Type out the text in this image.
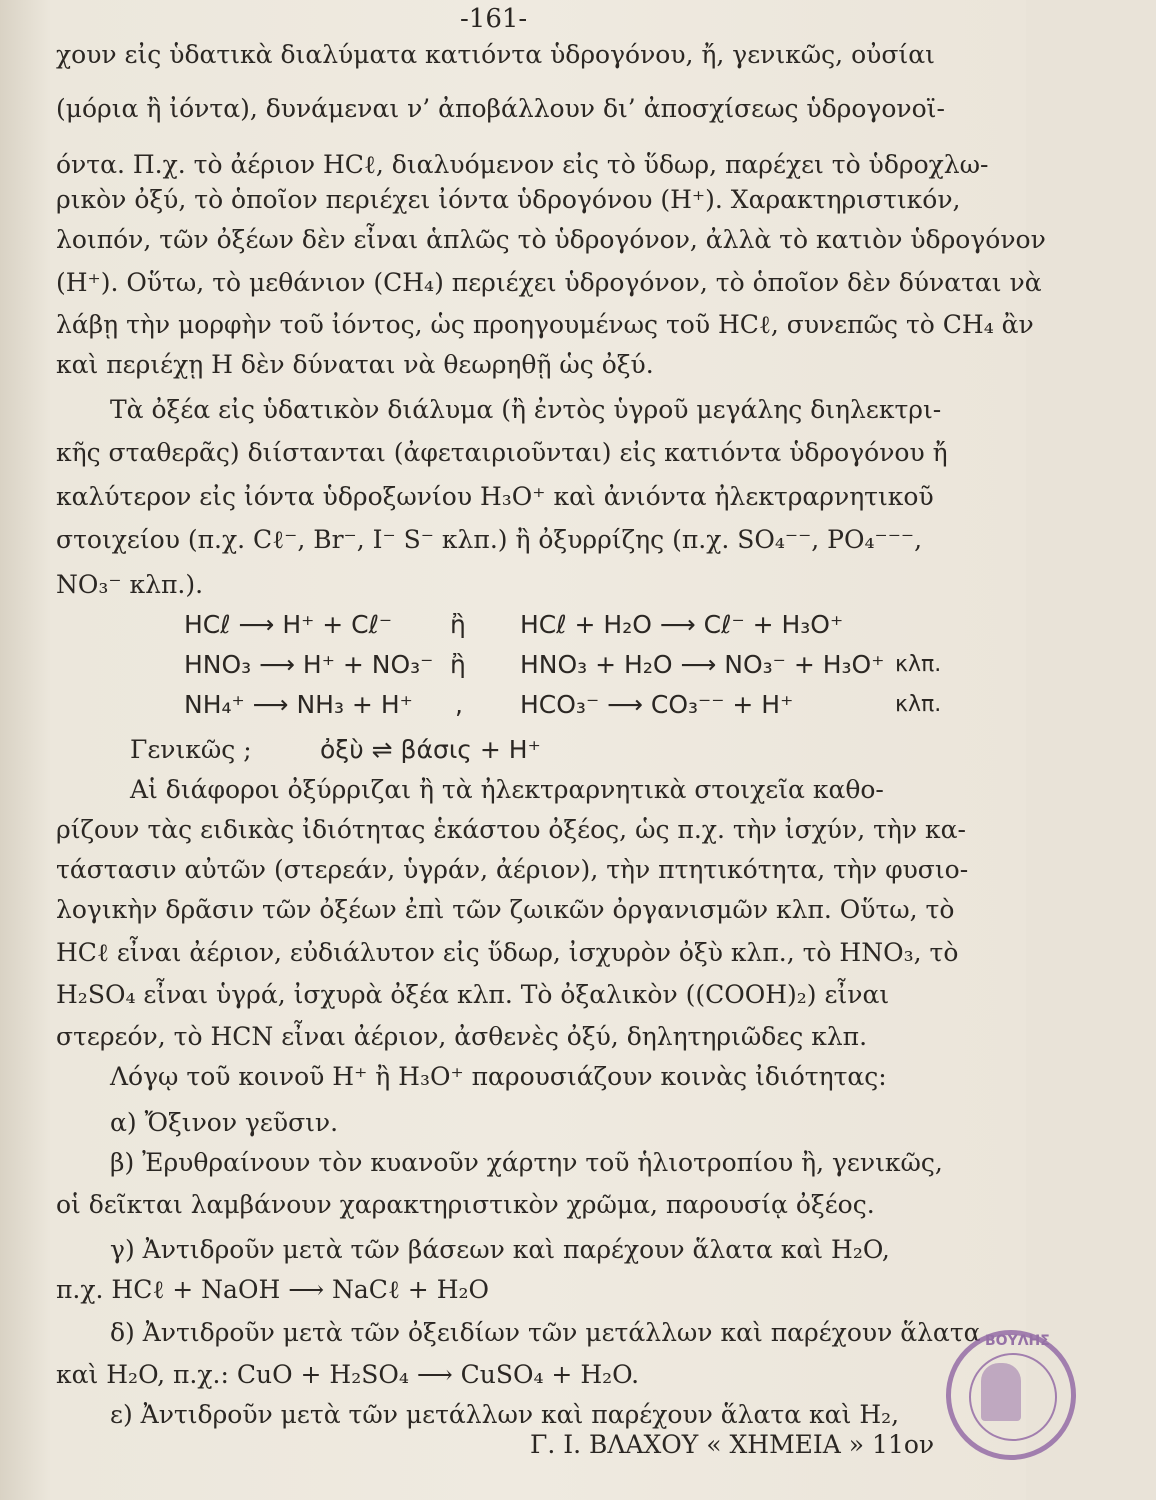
-161-
χουν εἰς ὑδατικὰ διαλύματα κατιόντα ὑδρογόνου, ἤ, γενικῶς, οὐσίαι
(μόρια ἢ ἰόντα), δυνάμεναι ν’ ἀποβάλλουν δι’ ἀποσχίσεως ὑδρογονοϊ-
όντα. Π.χ. τὸ ἀέριον HCℓ, διαλυόμενον εἰς τὸ ὕδωρ, παρέχει τὸ ὑδροχλω-
ρικὸν ὀξύ, τὸ ὁποῖον περιέχει ἰόντα ὑδρογόνου (H⁺). Χαρακτηριστικόν,
λοιπόν, τῶν ὀξέων δὲν εἶναι ἁπλῶς τὸ ὑδρογόνον, ἀλλὰ τὸ κατιὸν ὑδρογόνον
(H⁺). Οὕτω, τὸ μεθάνιον (CH₄) περιέχει ὑδρογόνον, τὸ ὁποῖον δὲν δύναται νὰ
λάβῃ τὴν μορφὴν τοῦ ἰόντος, ὡς προηγουμένως τοῦ HCℓ, συνεπῶς τὸ CH₄ ἂν
καὶ περιέχῃ Η δὲν δύναται νὰ θεωρηθῇ ὡς ὀξύ.
Τὰ ὀξέα εἰς ὑδατικὸν διάλυμα (ἢ ἐντὸς ὑγροῦ μεγάλης διηλεκτρι-
κῆς σταθερᾶς) διίστανται (ἀφεταιριοῦνται) εἰς κατιόντα ὑδρογόνου ἤ
καλύτερον εἰς ἰόντα ὑδροξωνίου H₃O⁺ καὶ ἀνιόντα ἠλεκτραρνητικοῦ
στοιχείου (π.χ. Cℓ⁻, Br⁻, I⁻ S⁻ κλπ.) ἢ ὀξυρρίζης (π.χ. SO₄⁻⁻, PO₄⁻⁻⁻,
NO₃⁻ κλπ.).
HCℓ ⟶ H⁺ + Cℓ⁻ ἢ HCℓ + H₂O ⟶ Cℓ⁻ + H₃O⁺
HNO₃ ⟶ H⁺ + NO₃⁻ ἢ HNO₃ + H₂O ⟶ NO₃⁻ + H₃O⁺ κλπ.
NH₄⁺ ⟶ NH₃ + H⁺ , HCO₃⁻ ⟶ CO₃⁻⁻ + H⁺	κλπ.
Γενικῶς ;	ὀξὺ ⇌ βάσις + H⁺
Αἱ διάφοροι ὀξύρριζαι ἢ τὰ ἠλεκτραρνητικὰ στοιχεῖα καθο-
ρίζουν τὰς ειδικὰς ἰδιότητας ἑκάστου ὀξέος, ὡς π.χ. τὴν ἰσχύν, τὴν κα-
τάστασιν αὐτῶν (στερεάν, ὑγράν, ἀέριον), τὴν πτητικότητα, τὴν φυσιο-
λογικὴν δρᾶσιν τῶν ὀξέων ἐπὶ τῶν ζωικῶν ὀργανισμῶν κλπ. Οὕτω, τὸ
HCℓ εἶναι ἀέριον, εὐδιάλυτον εἰς ὕδωρ, ἰσχυρὸν ὀξὺ κλπ., τὸ HNO₃, τὸ
H₂SO₄ εἶναι ὑγρά, ἰσχυρὰ ὀξέα κλπ. Τὸ ὀξαλικὸν ((COOH)₂) εἶναι
στερεόν, τὸ HCN εἶναι ἀέριον, ἀσθενὲς ὀξύ, δηλητηριῶδες κλπ.
Λόγῳ τοῦ κοινοῦ H⁺ ἢ H₃O⁺ παρουσιάζουν κοινὰς ἰδιότητας:
α) Ὄξινον γεῦσιν.
β) Ἐρυθραίνουν τὸν κυανοῦν χάρτην τοῦ ἡλιοτροπίου ἢ, γενικῶς,
οἱ δεῖκται λαμβάνουν χαρακτηριστικὸν χρῶμα, παρουσίᾳ ὀξέος.
γ) Ἀντιδροῦν μετὰ τῶν βάσεων καὶ παρέχουν ἅλατα καὶ H₂O,
π.χ. HCℓ + NaOH ⟶ NaCℓ + H₂O
δ) Ἀντιδροῦν μετὰ τῶν ὀξειδίων τῶν μετάλλων καὶ παρέχουν ἅλατα
καὶ H₂O, π.χ.: CuO + H₂SO₄ ⟶ CuSO₄ + H₂O.
ε) Ἀντιδροῦν μετὰ τῶν μετάλλων καὶ παρέχουν ἅλατα καὶ H₂,
Γ. Ι. ΒΛΑΧΟΥ « ΧΗΜΕΙΑ » 11ον
ΒΟΥΛΗΣ
